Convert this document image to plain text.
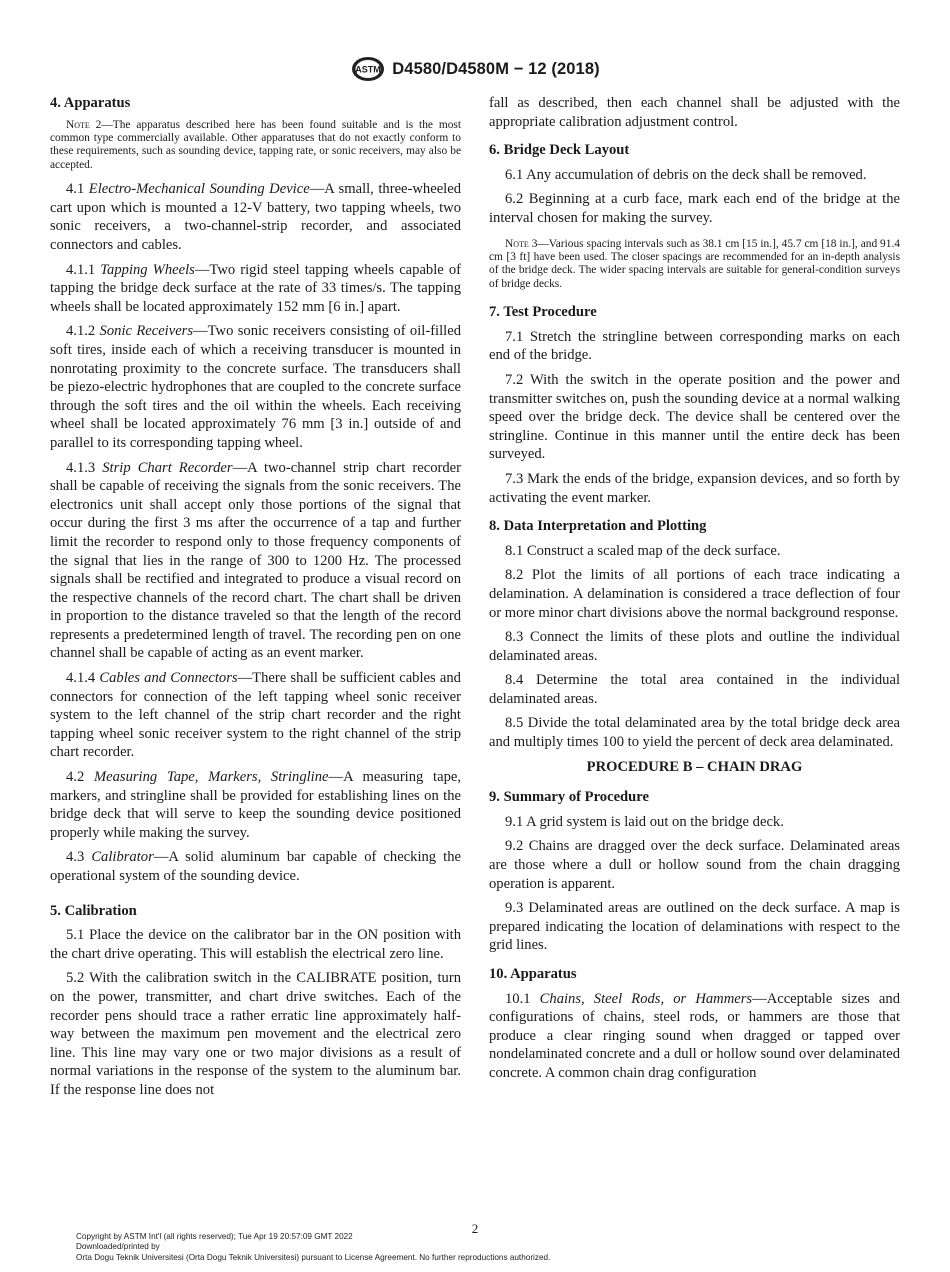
ASTM D4580/D4580M − 12 (2018)
4. Apparatus
Note 2—The apparatus described here has been found suitable and is the most common type commercially available. Other apparatuses that do not exactly conform to these requirements, such as sounding device, tapping rate, or sonic receivers, may also be accepted.

4.1 Electro-Mechanical Sounding Device—A small, three-wheeled cart upon which is mounted a 12-V battery, two tapping wheels, two sonic receivers, a two-channel-strip recorder, and associated connectors and cables.

4.1.1 Tapping Wheels—Two rigid steel tapping wheels capable of tapping the bridge deck surface at the rate of 33 times/s. The tapping wheels shall be located approximately 152 mm [6 in.] apart.

4.1.2 Sonic Receivers—Two sonic receivers consisting of oil-filled soft tires, inside each of which a receiving transducer is mounted in nonrotating proximity to the concrete surface. The transducers shall be piezo-electric hydrophones that are coupled to the concrete surface through the soft tires and the oil within the wheels. Each receiving wheel shall be located approximately 76 mm [3 in.] outside of and parallel to its corresponding tapping wheel.

4.1.3 Strip Chart Recorder—A two-channel strip chart recorder shall be capable of receiving the signals from the sonic receivers. The electronics unit shall accept only those portions of the signal that occur during the first 3 ms after the occurrence of a tap and further limit the recorder to respond only to those frequency components of the signal that lies in the range of 300 to 1200 Hz. The processed signals shall be rectified and integrated to produce a visual record on the respective channels of the record chart. The chart shall be driven in proportion to the distance traveled so that the length of the record represents a predetermined length of travel. The recording pen on one channel shall be capable of acting as an event marker.

4.1.4 Cables and Connectors—There shall be sufficient cables and connectors for connection of the left tapping wheel sonic receiver system to the left channel of the strip chart recorder and the right tapping wheel sonic receiver system to the right channel of the strip chart recorder.

4.2 Measuring Tape, Markers, Stringline—A measuring tape, markers, and stringline shall be provided for establishing lines on the bridge deck that will serve to keep the sounding device positioned properly while making the survey.

4.3 Calibrator—A solid aluminum bar capable of checking the operational system of the sounding device.

5. Calibration

5.1 Place the device on the calibrator bar in the ON position with the chart drive operating. This will establish the electrical zero line.

5.2 With the calibration switch in the CALIBRATE position, turn on the power, transmitter, and chart drive switches. Each of the recorder pens should trace a rather erratic line approximately half-way between the maximum pen movement and the electrical zero line. This line may vary one or two major divisions as a result of normal variations in the response of the system to the aluminum bar. If the response line does not

fall as described, then each channel shall be adjusted with the appropriate calibration adjustment control.

6. Bridge Deck Layout

6.1 Any accumulation of debris on the deck shall be removed.

6.2 Beginning at a curb face, mark each end of the bridge at the interval chosen for making the survey.

Note 3—Various spacing intervals such as 38.1 cm [15 in.], 45.7 cm [18 in.], and 91.4 cm [3 ft] have been used. The closer spacings are recommended for an in-depth analysis of the bridge deck. The wider spacing intervals are suitable for general-condition surveys of bridge decks.
7. Test Procedure

7.1 Stretch the stringline between corresponding marks on each end of the bridge.

7.2 With the switch in the operate position and the power and transmitter switches on, push the sounding device at a normal walking speed over the bridge deck. The device shall be centered over the stringline. Continue in this manner until the entire deck has been surveyed.

7.3 Mark the ends of the bridge, expansion devices, and so forth by activating the event marker.

8. Data Interpretation and Plotting

8.1 Construct a scaled map of the deck surface.

8.2 Plot the limits of all portions of each trace indicating a delamination. A delamination is considered a trace deflection of four or more minor chart divisions above the normal background response.

8.3 Connect the limits of these plots and outline the individual delaminated areas.

8.4 Determine the total area contained in the individual delaminated areas.

8.5 Divide the total delaminated area by the total bridge deck area and multiply times 100 to yield the percent of deck area delaminated.

PROCEDURE B – CHAIN DRAG
9. Summary of Procedure

9.1 A grid system is laid out on the bridge deck.

9.2 Chains are dragged over the deck surface. Delaminated areas are those where a dull or hollow sound from the chain dragging operation is apparent.

9.3 Delaminated areas are outlined on the deck surface. A map is prepared indicating the location of delaminations with respect to the grid lines.

10. Apparatus

10.1 Chains, Steel Rods, or Hammers—Acceptable sizes and configurations of chains, steel rods, or hammers are those that produce a clear ringing sound when dragged or tapped over nondelaminated concrete and a dull or hollow sound over delaminated concrete. A common chain drag configuration

2
Copyright by ASTM Int'l (all rights reserved); Tue Apr 19 20:57:09 GMT 2022
Downloaded/printed by
Orta Dogu Teknik Universitesi (Orta Dogu Teknik Universitesi) pursuant to License Agreement. No further reproductions authorized.
